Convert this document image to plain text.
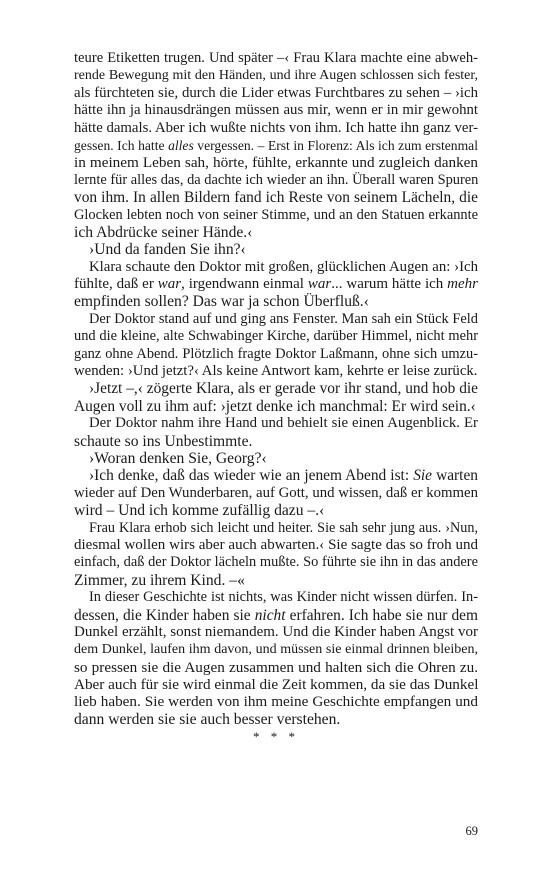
teure Etiketten trugen. Und später –‹ Frau Klara machte eine abweh-
rende Bewegung mit den Händen, und ihre Augen schlossen sich fester,
als fürchteten sie, durch die Lider etwas Furchtbares zu sehen – ›ich
hätte ihn ja hinausdrängen müssen aus mir, wenn er in mir gewohnt
hätte damals. Aber ich wußte nichts von ihm. Ich hatte ihn ganz ver-
gessen. Ich hatte alles vergessen. – Erst in Florenz: Als ich zum erstenmal
in meinem Leben sah, hörte, fühlte, erkannte und zugleich danken
lernte für alles das, da dachte ich wieder an ihn. Überall waren Spuren
von ihm. In allen Bildern fand ich Reste von seinem Lächeln, die
Glocken lebten noch von seiner Stimme, und an den Statuen erkannte
ich Abdrücke seiner Hände.‹
›Und da fanden Sie ihn?‹
Klara schaute den Doktor mit großen, glücklichen Augen an: ›Ich
fühlte, daß er war, irgendwann einmal war... warum hätte ich mehr
empfinden sollen? Das war ja schon Überfluß.‹
Der Doktor stand auf und ging ans Fenster. Man sah ein Stück Feld
und die kleine, alte Schwabinger Kirche, darüber Himmel, nicht mehr
ganz ohne Abend. Plötzlich fragte Doktor Laßmann, ohne sich umzu-
wenden: ›Und jetzt?‹ Als keine Antwort kam, kehrte er leise zurück.
›Jetzt –,‹ zögerte Klara, als er gerade vor ihr stand, und hob die
Augen voll zu ihm auf: ›jetzt denke ich manchmal: Er wird sein.‹
Der Doktor nahm ihre Hand und behielt sie einen Augenblick. Er
schaute so ins Unbestimmte.
›Woran denken Sie, Georg?‹
›Ich denke, daß das wieder wie an jenem Abend ist: Sie warten
wieder auf Den Wunderbaren, auf Gott, und wissen, daß er kommen
wird – Und ich komme zufällig dazu –.‹
Frau Klara erhob sich leicht und heiter. Sie sah sehr jung aus. ›Nun,
diesmal wollen wirs aber auch abwarten.‹ Sie sagte das so froh und
einfach, daß der Doktor lächeln mußte. So führte sie ihn in das andere
Zimmer, zu ihrem Kind. –«
In dieser Geschichte ist nichts, was Kinder nicht wissen dürfen. In-
dessen, die Kinder haben sie nicht erfahren. Ich habe sie nur dem
Dunkel erzählt, sonst niemandem. Und die Kinder haben Angst vor
dem Dunkel, laufen ihm davon, und müssen sie einmal drinnen bleiben,
so pressen sie die Augen zusammen und halten sich die Ohren zu.
Aber auch für sie wird einmal die Zeit kommen, da sie das Dunkel
lieb haben. Sie werden von ihm meine Geschichte empfangen und
dann werden sie sie auch besser verstehen.
* * *
69
